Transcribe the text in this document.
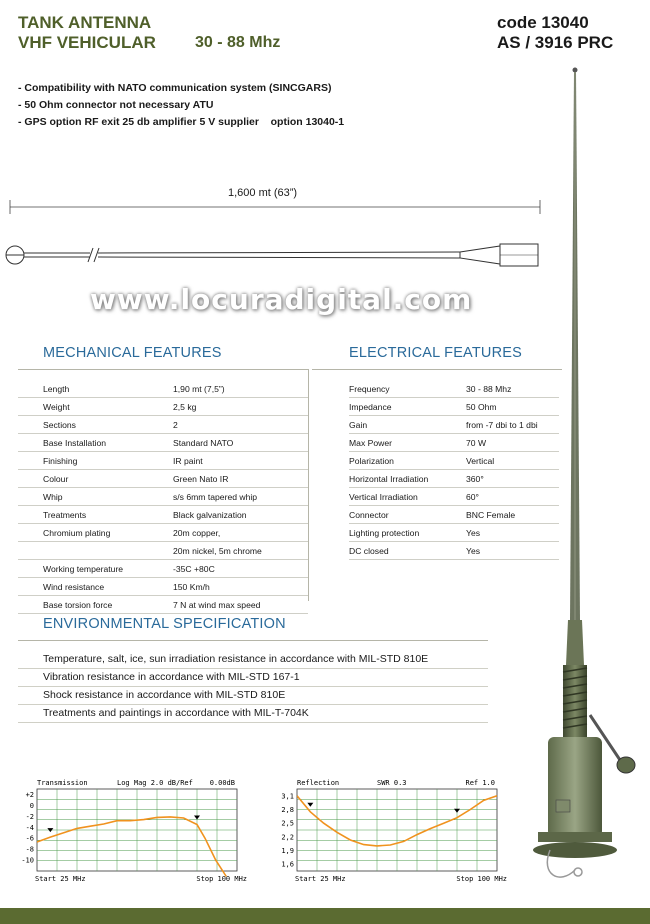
TANK ANTENNA
VHF VEHICULAR 30 - 88 Mhz
code 13040
AS / 3916 PRC
- Compatibility with NATO communication system (SINCGARS)
- 50 Ohm connector not necessary ATU
- GPS option RF exit 25 db amplifier 5 V supplier    option 13040-1
1,600 mt (63”)
www.locuradigital.com
MECHANICAL FEATURES
Length	1,90 mt (7,5”)
Weight	2,5 kg
Sections	2
Base Installation	Standard NATO
Finishing	IR paint
Colour	Green Nato IR
Whip	s/s 6mm tapered whip
Treatments	Black galvanization
Chromium plating	20m copper,
	20m nickel, 5m chrome
Working temperature	-35C +80C
Wind resistance	150 Km/h
Base torsion force	7 N at wind max speed
ELECTRICAL FEATURES
Frequency	30 - 88 Mhz
Impedance	50 Ohm
Gain	from -7 dbi to 1 dbi
Max Power	70 W
Polarization	Vertical
Horizontal Irradiation	360°
Vertical Irradiation	60°
Connector	BNC Female
Lighting protection	Yes
DC closed	Yes
ENVIRONMENTAL SPECIFICATION
Temperature, salt, ice, sun irradiation resistance in accordance with MIL-STD 810E
Vibration resistance in accordance with MIL-STD 167-1
Shock resistance in accordance with MIL-STD 810E
Treatments and paintings in accordance with MIL-T-704K
Transmission	Log Mag 2.0 dB/Ref 0.00dB
+2
0
-2
-4
-6
-8
-10
Start 25 MHz	Stop 100 MHz
Reflection	SWR 0.3	Ref 1.0
3,1
2,8
2,5
2,2
1,9
1,6
Start 25 MHz	Stop 100 MHz
